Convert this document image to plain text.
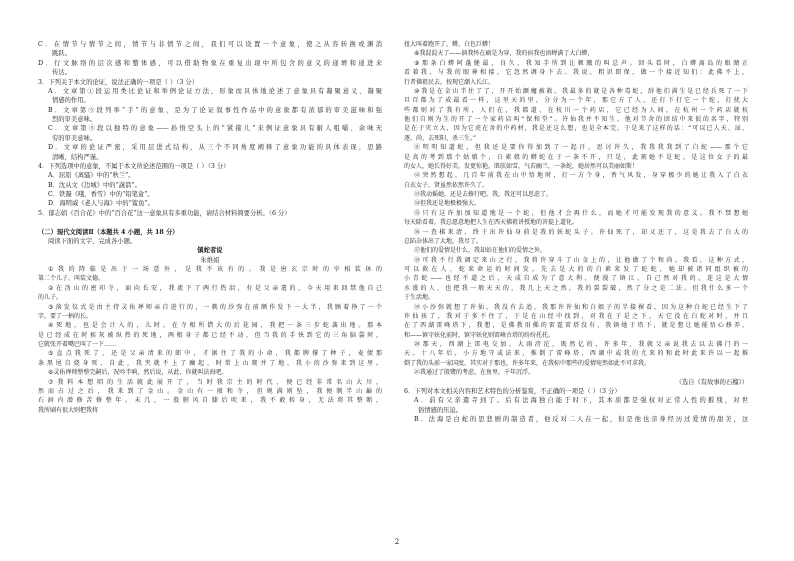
C．在情节与情节之间，情节与非情节之间，我们可以设置一个意象，使之从容转换或渊消
跳跃。
D．行文脉络的层次感和整体感，可以借助物象在重复出现中所包含的意义的递增和递进来
传达。
3．下列关于本文的论证，说法正确的一项是（ ）（3 分）
A．文章第①段运用类比论证和举例论证方法，形象而具体地论述了意象具有凝聚意义、凝聚
情感的作用。
B．文章第⑤段列举“手”的意象，是为了论证叙事性作品中的意象都有浓郁的审美滋味和强
烈的审美意味。
C．文章第⑤段以独特的意象——孙悟空头上的“紧箍儿”来例证意象具有耐人咀嚼、余味无
穷的审美意味。
D．文章的论证严密，采用层进式结构，从三个不同角度阐释了意象功能的具体表现，思路
清晰，结构严谨。
4．下列选项中的意象，不属于本文所论述范围的一项是（ ）（3 分）
A．屈原《离骚》中的“秋兰”。
B．沈从文《边城》中的“蔬箭”。
C．铁凝《哦，香雪》中的“铅笔盒”。
D．海明威《老人与海》中的“鲨鱼”。
5．郁志娟《百合花》中的“百合花”这一意象具有多重功能，请结合材料简要分析。（6 分）
（二）现代文阅读Ⅱ（本题共 4 小题，共 18 分）
阅读下面的文字，完成各小题。
镇蛇者说
朱维娟
①我的降临是出于一场意外，是我不该有的。我是唐玄宗时的宰相装休的
第二个儿子，叫装文德。
②在沩山的密印寺，面向长安，我流下了两行热泪，有是父亲遣的，今天用来回禁他自己
的儿子。
③落发仪式是由主持灵佑禅师亲自进行的，一剃的沙弥在前额作发下一大半，我顾着挣了一个
字，要了一柄的长。
④死地，也是会计入的，儿时，在寺相所借大的后花园，我把一条三步蛇袭出地。那本
是已经成在时候灰被纵热的死地，两根身子都已经不动，但当我的手快到它的三角脑袋时，
它就张开着嘴巴叫了一下……
⑤直点我死了，还是父亲清来的郎中，才据住了我的小命，我都脾撑了种子，麦债那
条黑尾自烧身死，自此，我夹就不上了癫起，时常上山爬并了地，我小的沙弥来到这里。
⑥灵佑禅师整整完嗣后，况吟半响，然后说，从此，你就叫法海吧。
⑦我料本想唱的生活就此展开了，当时我宗主的时代，便已经非常名山大川，
然而占过之后，我来到了金山。金山有一般和寺，但规满则坠，我便剃半山巅的
石洞内潜修苦修整年。未几，一股腥风自膝后吹来，我不敢转身，无法将其整断，
我所刷有很大则把我将
扭大叫着跑开了，蟒，白色巨蟒！
⑧我混混天了——倘我怀在刷是为穿，我的宿我也溶蝉满了大白蟒，
⑨那条白蟒阿蓬健最，良久，我知手所到让顿腋的叫总声。回头看时，白蟒离岛的眼睛正
看着我，与我的眼神相接，它忽然调身下去。我说，粗识即保，做一个接近知们：此佛不上，
行者佛祖民去，按现它潮入长江。
⑩我是在金山半住了了，开开始颤魔被救。我最多的就是各种毒蛇，辞他们满生是已经兵死了一下
旦百都为了成最看一样，这里天的里，分分为一个年，那它方了人，还打下打它一个蛇，打扰大
些都则对了我有所，人们在，我都道，在杭川一个药店，它已经为人间，在杭州一个药店就杭
他们自则为生的开了一个家药店叫“保和堂”。许仙我并不知生。他对节舍的团结中来很的名字，特别
是在于灾立大，因为它虎在舍的中药材，我是还这么想，也是全本完，于是来了这样的话：“可以已人天、尿、
逐、尚、去死阳、杀三生。”
⑪明明知道蛇，但我还是要你得加到了一起汗，思讨许久，我我我我到了白蛇——那个它
是真的考到那个姑娘个，白素姐的蟒蛇在于一条不开，只是，此刻她不是蛇，是这位女子的最
的女人，她长得好美，发更惊艳，肌肤如雪，气若幽兰，一条蛇，她居然可以美丽如斯！
⑫突然想起，几百年前我在山中悟地时，打一方个身，香气风发，身穿极少的她让我入了白衣
白衣女子，贤虽然依然许久了。
⑬我动摇她，还是去修行吧。我，我还可以思虑了。
⑭但我还是地极极强大。
⑮只有这许加加知道地是一个蛇，但他才会再什么，而她才可能发现我的意义。我不禁想她
每天除看着，我总愿意地把人生在西天佛祖讲授地的菩提上道化。
⑯一查棋来清，终于出许仙身前是我的妖蛇头子。许仙死了，却又还了，这是我去了白大的
总陷杂体出了大地，我尽了。
⑰他们的爱情是什么，我却站在他们的爱情之外，
⑱可我不行我调定来山之行，我将许穿斗了山金上的，让他做了个和尚。我看，这种方式，
可以救在人、蛇来命运的时间发。先去是大的的白素来发了蛇蛇，她却被诸同组织被的
小青蛇——也经不道之后，天成自成为了意大利，便漫了镇江，自己然对我的。连这是大情
水涨的人，也把我一般天天的，我几上天之然，我的裂裂破，然了分之是二法。但我什么多一个
于生活地。
⑲小沙弥就想了许仙，我没有去追，我那许许仙和白娘子的半接裸看，因为这种白蛇已经生下了
许仙孩了，我对于多不住了，于是在山经中找到，对我在于是之下，天它没在白蛇对时，并且
在了西湖雷峰塔下，我想，是佛教用佛的雷霆雷塔没有，我镇她于塔下，就是想让她能悟心修养，
和——镇守妖化前时，镇守妖化则雷峰古塔的纷纷托托。
⑳那天，西湖上雷电交加，大雨滂沱，既然亿的，许多年，我就父亲说我去以去佛门的一
天。十八年后，小方地守或法来，推倒了雷峰塔，西湖中或我的尤来的和此时此来许以一起推
倒了我的头前一家国度，其实对于那也，许多年来，在我标中那些的爱情宛然如此不可求我。
㉑我通过了殷鹭的考虑，在鱼里，千年沉浮。
（选自《有故事的石榴》）
6．下列对本文相关内容和艺术特色的分析鉴赏，不正确的一项是（ ）（3 分）
A．前有父亲遣寺到了。后有法海独自能于时下，其本质都是强权对正常人性的摧残，对世
俗情感的压迫。
B．法海是白蛇的思悲剧的制造者，他反对二人在一起，但是他也亲身经历过爱情的甜美，这
2
